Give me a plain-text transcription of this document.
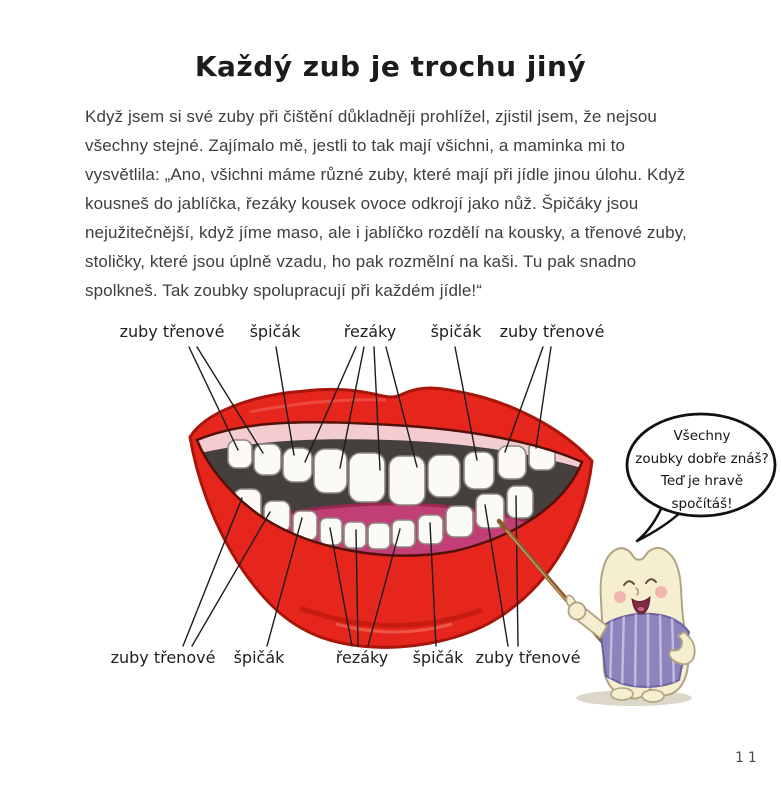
Každý zub je trochu jiný
Když jsem si své zuby při čištění důkladněji prohlížel, zjistil jsem, že nejsou
všechny stejné. Zajímalo mě, jestli to tak mají všichni, a maminka mi to
vysvětlila: „Ano, všichni máme různé zuby, které mají při jídle jinou úlohu. Když
kousneš do jablíčka, řezáky kousek ovoce odkrojí jako nůž. Špičáky jsou
nejužitečnější, když jíme maso, ale i jablíčko rozdělí na kousky, a třenové zuby,
stoličky, které jsou úplně vzadu, ho pak rozmělní na kaši. Tu pak snadno
spolkneš. Tak zoubky spolupracují při každém jídle!“
zuby třenové špičák	řezáky špičák zuby třenové
zuby třenové špičák	řezáky špičák zuby třenové
Všechny
zoubky dobře znáš?
Teď je hravě
spočítáš!
11
